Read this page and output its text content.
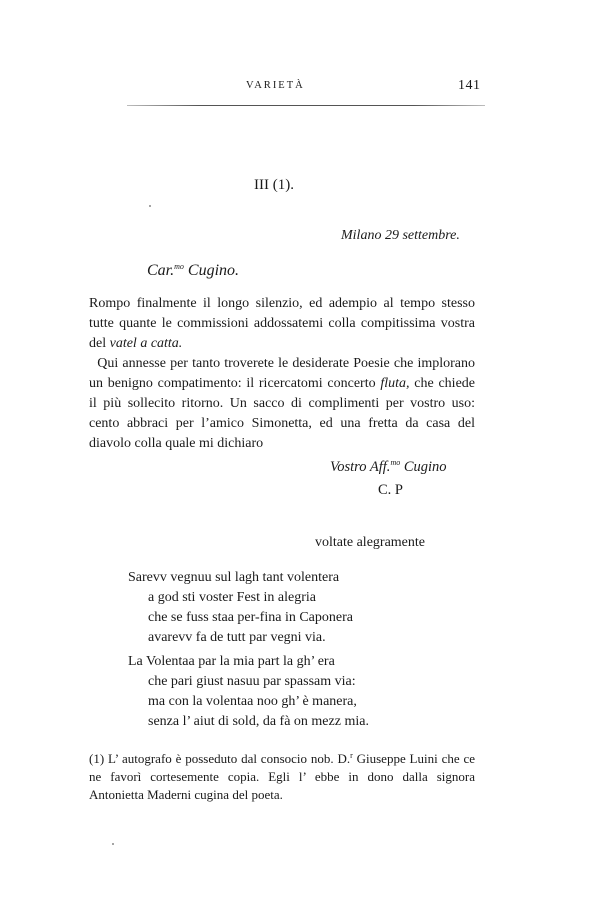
VARIETÀ	141
III (1).
Milano 29 settembre.
Car.$^{mo}$ Cugino.

Rompo finalmente il longo silenzio, ed adempio al tempo stesso tutte quante le commissioni addossatemi colla compitissima vostra del vatel a catta.

Qui annesse per tanto troverete le desiderate Poesie che implorano un benigno compatimento: il ricercatomi concerto fluta, che chiede il più sollecito ritorno. Un sacco di complimenti per vostro uso: cento abbraci per l’amico Simonetta, ed una fretta da casa del diavolo colla quale mi dichiaro

Vostro Aff.$^{mo}$ Cugino
C. P
voltate alegramente
Sarevv vegnuu sul lagh tant volentera
a god sti voster Fest in alegria
che se fuss staa per-fina in Caponera
avarevv fa de tutt par vegni via.
La Volentaa par la mia part la gh’ era
che pari giust nasuu par spassam via:
ma con la volentaa noo gh’ è manera,
senza l’ aiut di sold, da fà on mezz mia.
(1) L’ autografo è posseduto dal consocio nob. D.$^r$ Giuseppe Luini che ce ne favorì cortesemente copia. Egli l’ ebbe in dono dalla signora Antonietta Maderni cugina del poeta.
